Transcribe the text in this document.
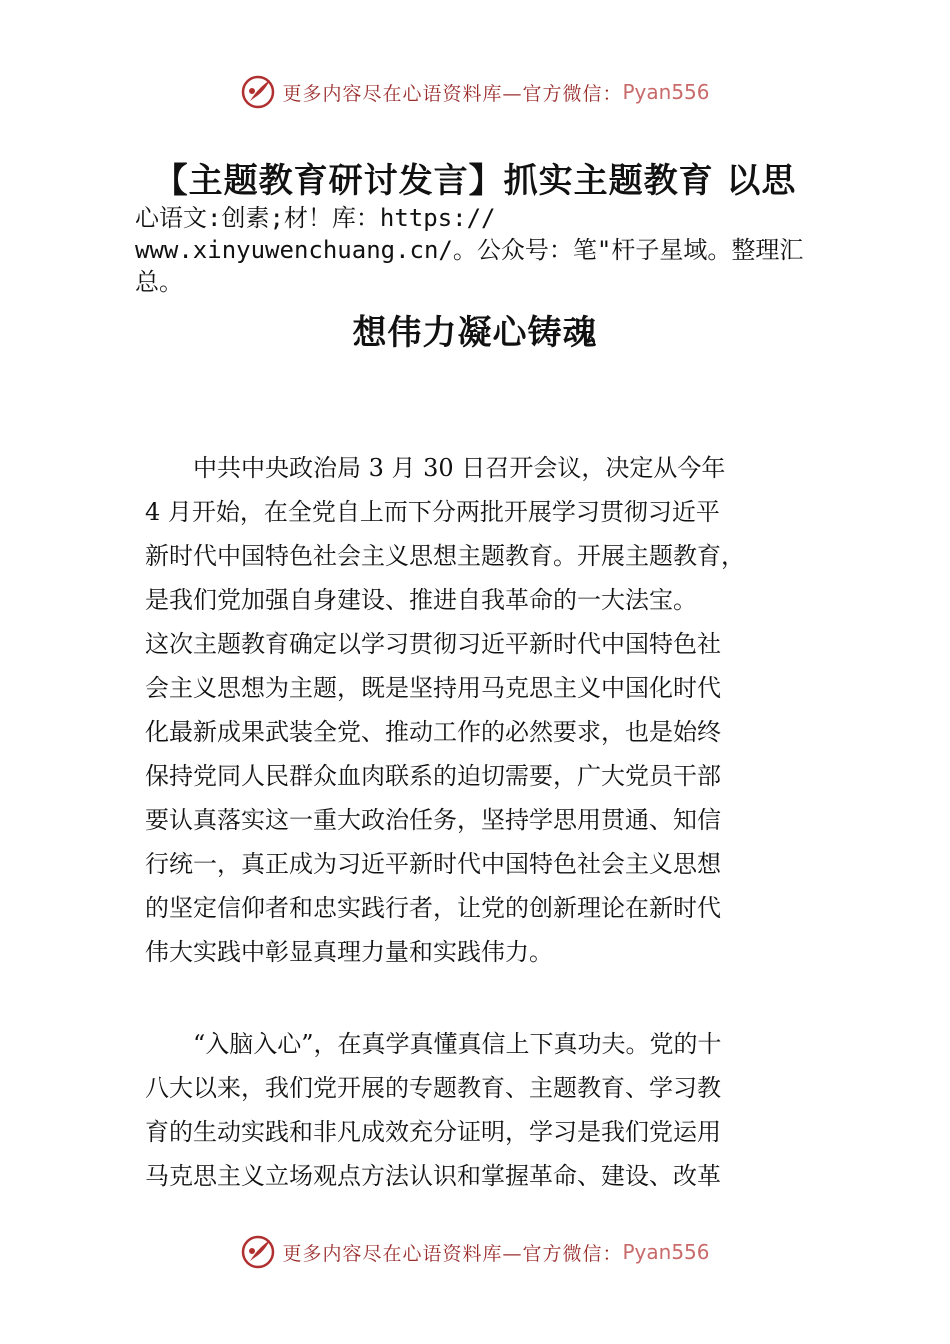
更多内容尽在心语资料库—官方微信： Pyan556
【主题教育研讨发言】抓实主题教育 以思
心语文:创素;材！库：https://
www.xinyuwenchuang.cn/。公众号：笔"杆子星域。整理汇
总。
想伟力凝心铸魂
　　中共中央政治局 3 月 30 日召开会议，决定从今年
4 月开始，在全党自上而下分两批开展学习贯彻习近平
新时代中国特色社会主义思想主题教育。开展主题教育，
是我们党加强自身建设、推进自我革命的一大法宝。
这次主题教育确定以学习贯彻习近平新时代中国特色社
会主义思想为主题，既是坚持用马克思主义中国化时代
化最新成果武装全党、推动工作的必然要求，也是始终
保持党同人民群众血肉联系的迫切需要，广大党员干部
要认真落实这一重大政治任务，坚持学思用贯通、知信
行统一，真正成为习近平新时代中国特色社会主义思想
的坚定信仰者和忠实践行者，让党的创新理论在新时代
伟大实践中彰显真理力量和实践伟力。
　　“入脑入心”，在真学真懂真信上下真功夫。党的十
八大以来，我们党开展的专题教育、主题教育、学习教
育的生动实践和非凡成效充分证明，学习是我们党运用
马克思主义立场观点方法认识和掌握革命、建设、改革
更多内容尽在心语资料库—官方微信： Pyan556
